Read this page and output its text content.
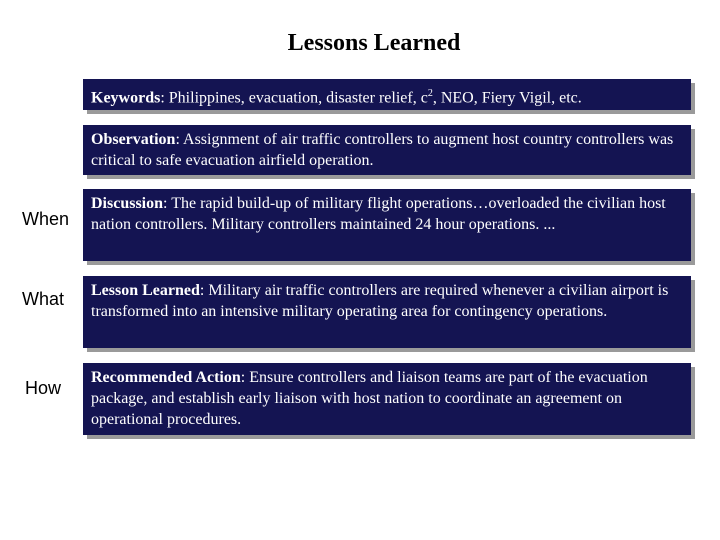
Lessons Learned
Keywords: Philippines, evacuation, disaster relief, $c^2$, NEO, Fiery Vigil, etc.
Observation: Assignment of air traffic controllers to augment host country controllers was critical to safe evacuation airfield operation.
When
Discussion: The rapid build-up of military flight operations…overloaded the civilian host nation controllers. Military controllers maintained 24 hour operations. ...
What	Lesson Learned: Military air traffic controllers are required whenever a civilian airport is transformed into an intensive military operating area for contingency operations.
How
Recommended Action: Ensure controllers and liaison teams are part of the evacuation package, and establish early liaison with host nation to coordinate an agreement on operational procedures.
